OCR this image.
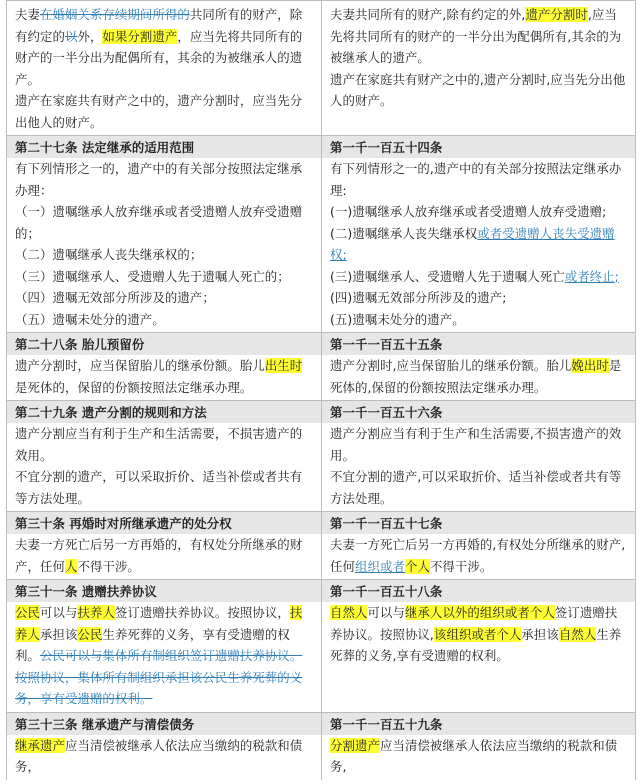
夫妻在婚姻关系存续期间所得的共同所有的财产，除有约定的以外，如果分割遗产，应当先将共同所有的财产的一半分出为配偶所有，其余的为被继承人的遗产。
遗产在家庭共有财产之中的，遗产分割时，应当先分出他人的财产。
夫妻共同所有的财产,除有约定的外,遗产分割时,应当先将共同所有的财产的一半分出为配偶所有,其余的为被继承人的遗产。
遗产在家庭共有财产之中的,遗产分割时,应当先分出他人的财产。
第二十七条 法定继承的适用范围
有下列情形之一的，遗产中的有关部分按照法定继承办理：
（一）遗嘱继承人放弃继承或者受遗赠人放弃受遗赠的；
（二）遗嘱继承人丧失继承权的；
（三）遗嘱继承人、受遗赠人先于遗嘱人死亡的；
（四）遗嘱无效部分所涉及的遗产；
（五）遗嘱未处分的遗产。
第一千一百五十四条
有下列情形之一的,遗产中的有关部分按照法定继承办理:
(一)遗嘱继承人放弃继承或者受遗赠人放弃受遗赠;
(二)遗嘱继承人丧失继承权或者受遗赠人丧失受遗赠权;
(三)遗嘱继承人、受遗赠人先于遗嘱人死亡或者终止;
(四)遗嘱无效部分所涉及的遗产;
(五)遗嘱未处分的遗产。
第二十八条 胎儿预留份
遗产分割时，应当保留胎儿的继承份额。胎儿出生时是死体的，保留的份额按照法定继承办理。
第一千一百五十五条
遗产分割时,应当保留胎儿的继承份额。胎儿娩出时是死体的,保留的份额按照法定继承办理。
第二十九条 遗产分割的规则和方法
遗产分割应当有利于生产和生活需要，不损害遗产的效用。
不宜分割的遗产，可以采取折价、适当补偿或者共有等方法处理。
第一千一百五十六条
遗产分割应当有利于生产和生活需要,不损害遗产的效用。
不宜分割的遗产,可以采取折价、适当补偿或者共有等方法处理。
第三十条 再婚时对所继承遗产的处分权
夫妻一方死亡后另一方再婚的，有权处分所继承的财产，任何人不得干涉。
第一千一百五十七条
夫妻一方死亡后另一方再婚的,有权处分所继承的财产,任何组织或者个人不得干涉。
第三十一条 遗赠扶养协议
公民可以与扶养人签订遗赠扶养协议。按照协议，扶养人承担该公民生养死葬的义务，享有受遗赠的权利。公民可以与集体所有制组织签订遗赠扶养协议。按照协议，集体所有制组织承担该公民生养死葬的义务，享有受遗赠的权利。
第一千一百五十八条
自然人可以与继承人以外的组织或者个人签订遗赠扶养协议。按照协议,该组织或者个人承担该自然人生养死葬的义务,享有受遗赠的权利。
第三十三条 继承遗产与清偿债务
继承遗产应当清偿被继承人依法应当缴纳的税款和债务，
第一千一百五十九条
分割遗产应当清偿被继承人依法应当缴纳的税款和债务,
